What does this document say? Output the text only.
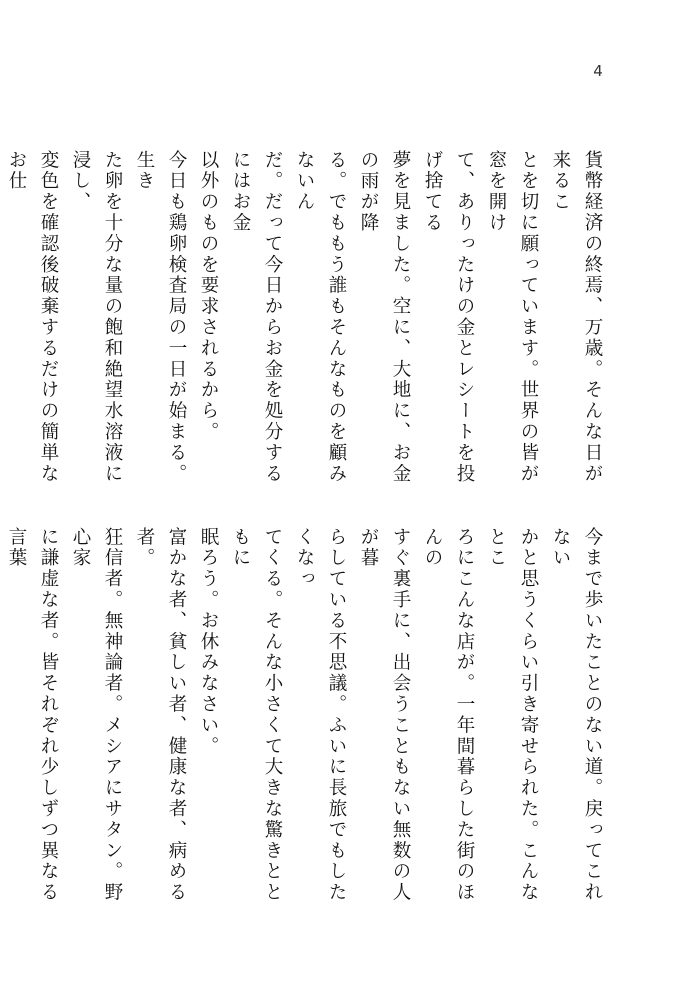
4

貨幣経済の終焉、万歳。そんな日が来るこ
とを切に願っています。世界の皆が窓を開け
て、ありったけの金とレシートを投げ捨てる
夢を見ました。空に、大地に、お金の雨が降
る。でももう誰もそんなものを顧みないん
だ。だって今日からお金を処分するにはお金
以外のものを要求されるから。

今日も鶏卵検査局の一日が始まる。生き
た卵を十分な量の飽和絶望水溶液に浸し、
変色を確認後破棄するだけの簡単なお仕

今まで歩いたことのない道。戻ってこれない
かと思うくらい引き寄せられた。こんなとこ
ろにこんな店が。一年間暮らした街のほんの
すぐ裏手に、出会うこともない無数の人が暮
らしている不思議。ふいに長旅でもしたくなっ
てくる。そんな小さくて大きな驚きとともに
眠ろう。お休みなさい。

富かな者、貧しい者、健康な者、病める者。
狂信者。無神論者。メシアにサタン。野心家
に謙虚な者。皆それぞれ少しずつ異なる言葉
